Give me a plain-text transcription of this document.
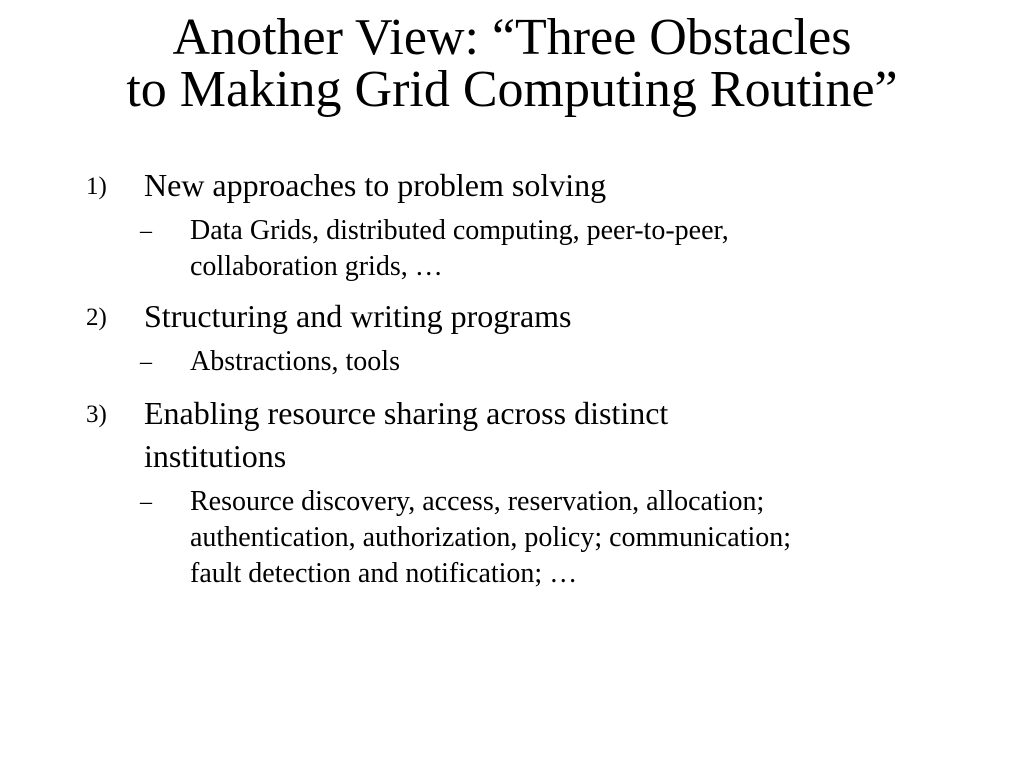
Another View: “Three Obstacles
to Making Grid Computing Routine”
1) New approaches to problem solving
– Data Grids, distributed computing, peer-to-peer,
collaboration grids, …
2) Structuring and writing programs
– Abstractions, tools
3) Enabling resource sharing across distinct
institutions
– Resource discovery, access, reservation, allocation;
authentication, authorization, policy; communication;
fault detection and notification; …
